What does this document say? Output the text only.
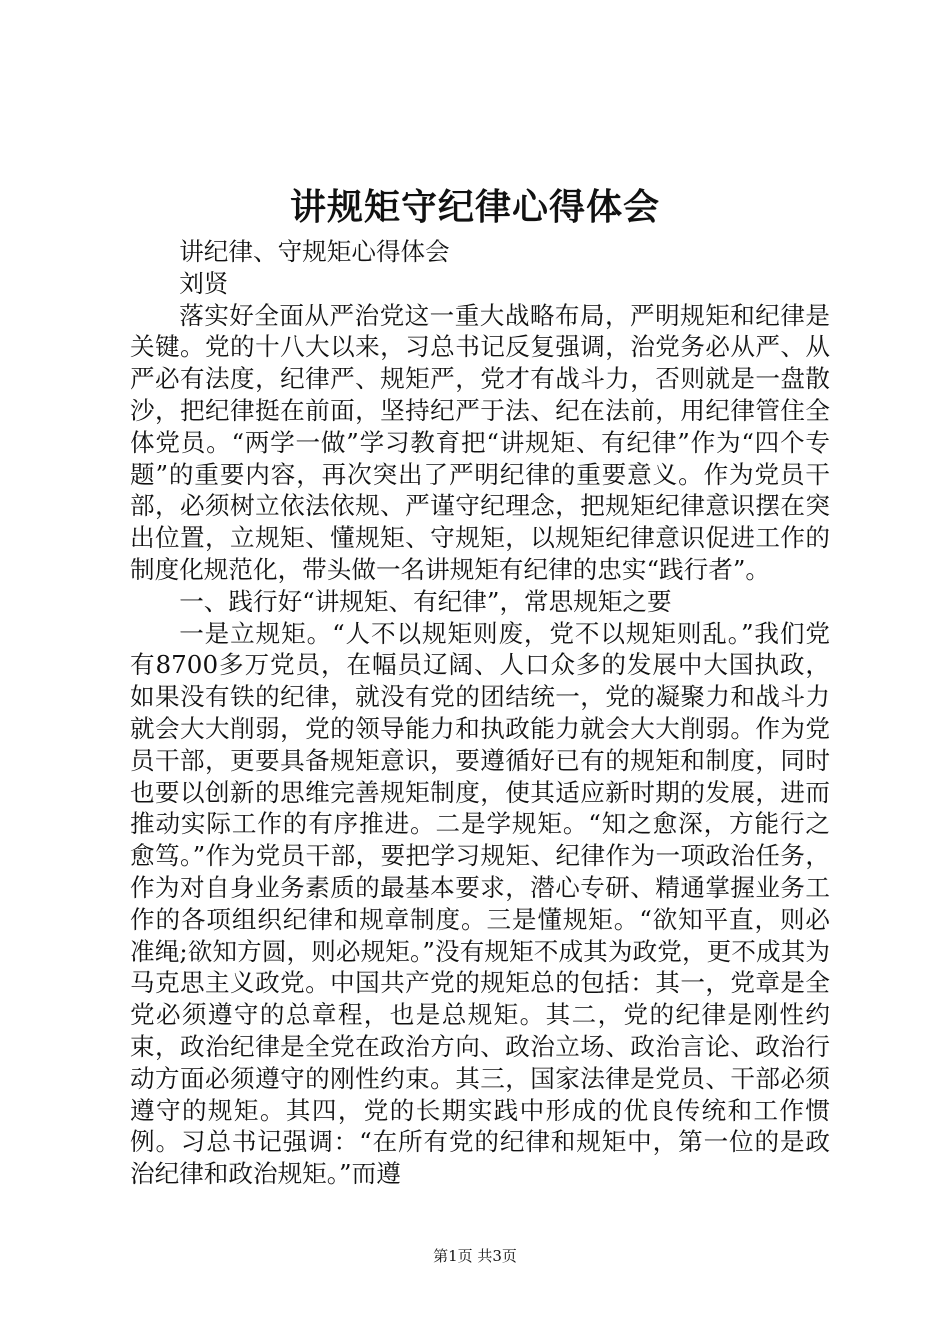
讲规矩守纪律心得体会

讲纪律、守规矩心得体会

刘贤

落实好全面从严治党这一重大战略布局，严明规矩和纪律是关键。党的十八大以来，习总书记反复强调，治党务必从严、从严必有法度，纪律严、规矩严，党才有战斗力，否则就是一盘散沙，把纪律挺在前面，坚持纪严于法、纪在法前，用纪律管住全体党员。“两学一做”学习教育把“讲规矩、有纪律”作为“四个专题”的重要内容，再次突出了严明纪律的重要意义。作为党员干部，必须树立依法依规、严谨守纪理念，把规矩纪律意识摆在突出位置，立规矩、懂规矩、守规矩，以规矩纪律意识促进工作的制度化规范化，带头做一名讲规矩有纪律的忠实“践行者”。

一、践行好“讲规矩、有纪律”，常思规矩之要

一是立规矩。“人不以规矩则废，党不以规矩则乱。”我们党有8700多万党员，在幅员辽阔、人口众多的发展中大国执政，如果没有铁的纪律，就没有党的团结统一，党的凝聚力和战斗力就会大大削弱，党的领导能力和执政能力就会大大削弱。作为党员干部，更要具备规矩意识，要遵循好已有的规矩和制度，同时也要以创新的思维完善规矩制度，使其适应新时期的发展，进而推动实际工作的有序推进。二是学规矩。“知之愈深，方能行之愈笃。”作为党员干部，要把学习规矩、纪律作为一项政治任务，作为对自身业务素质的最基本要求，潜心专研、精通掌握业务工作的各项组织纪律和规章制度。三是懂规矩。“欲知平直，则必准绳;欲知方圆，则必规矩。”没有规矩不成其为政党，更不成其为马克思主义政党。中国共产党的规矩总的包括：其一，党章是全党必须遵守的总章程，也是总规矩。其二，党的纪律是刚性约束，政治纪律是全党在政治方向、政治立场、政治言论、政治行动方面必须遵守的刚性约束。其三，国家法律是党员、干部必须遵守的规矩。其四，党的长期实践中形成的优良传统和工作惯例。习总书记强调：“在所有党的纪律和规矩中，第一位的是政治纪律和政治规矩。”而遵

第1页 共3页
